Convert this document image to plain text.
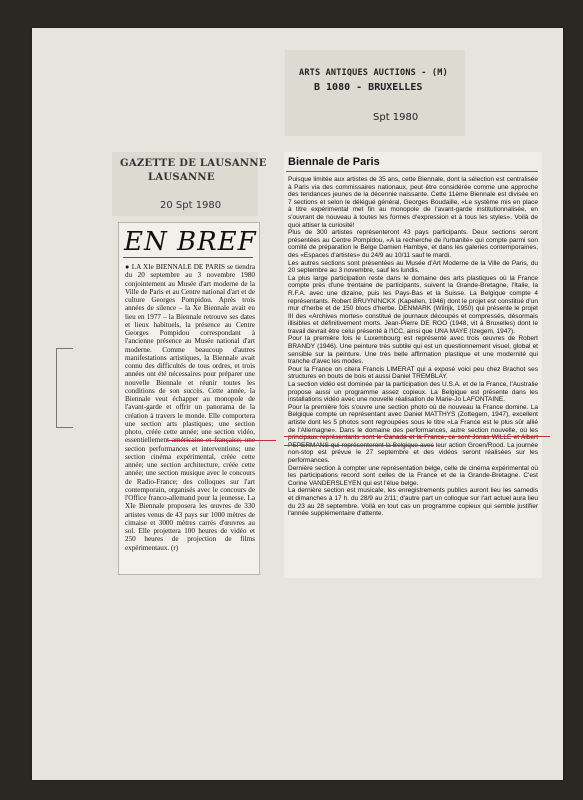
ARTS ANTIQUES AUCTIONS - (M)
B 1080 - BRUXELLES
Spt 1980
GAZETTE DE LAUSANNE
LAUSANNE
20 Spt 1980
EN BREF
● LA XIe BIENNALE DE PARIS se tiendra du 20 septembre au 3 novembre 1980 conjointement au Musée d'art moderne de la Ville de Paris et au Centre national d'art et de culture Georges Pompidou. Après trois années de silence – la Xe Biennale avait eu lieu en 1977 – la Biennale retrouve ses dates et lieux habituels, la présence au Centre Georges Pompidou correspondant à l'ancienne présence au Musée national d'art moderne. Comme beaucoup d'autres manifestations artistiques, la Biennale avait connu des difficultés de tous ordres, et trois années ont été nécessaires pour préparer une nouvelle Biennale et réunir toutes les conditions de son succès. Cette année, la Biennale veut échapper au monopole de l'avant-garde et offrir un panorama de la création à travers le monde. Elle comportera une section arts plastiques; une section photo, créée cette année; une section vidéo, essentiellement américaine et française; une section performances et interventions; une section cinéma expérimental, créée cette année; une section architecture, créée cette année; une section musique avec le concours de Radio-France; des colloques sur l'art contemporain, organisés avec le concours de l'Office franco-allemand pour la jeunesse. La XIe Biennale proposera les œuvres de 330 artistes venus de 43 pays sur 1000 mètres de cimaise et 3000 mètres carrés d'œuvres au sol. Elle projettera 100 heures de vidéo et 250 heures de projection de films expérimentaux. (r)
Biennale de Paris

Puisque limitée aux artistes de 35 ans, cette Biennale, dont la sélection est centralisée à Paris via des commissaires nationaux, peut être considérée comme une approche des tendances jeunes de la décennie naissante. Cette 11ème Biennale est divisée en 7 sections et selon le délégué général, Georges Boudaille, «Le système mis en place à titre expérimental met fin au monopole de l'avant-garde institutionnalisée, en s'ouvrant de nouveau à toutes les formes d'expression et à tous les styles». Voilà de quoi attiser la curiosité!

Plus de 300 artistes représenteront 43 pays participants. Deux sections seront présentées au Centre Pompidou, «A la recherche de l'urbanité» qui compte parmi son comité de préparation le Belge Damien Hambye, et dans les galeries contemporaines, des «Espaces d'artistes» du 24/9 au 10/11 sauf le mardi.

Les autres sections sont présentées au Musée d'Art Moderne de la Ville de Paris, du 20 septembre au 3 novembre, sauf les lundis.

La plus large participation reste dans le domaine des arts plastiques où la France compte près d'une trentaine de participants, suivent la Grande-Bretagne, l'Italie, la R.F.A. avec une dizaine, puis les Pays-Bas et la Suisse. La Belgique compte 4 représentants. Robert BRUYNINCKX (Kapellen, 1946) dont le projet est constitué d'un mur d'herbe et de 150 blocs d'herbe. DENMARK (Wilrijk, 1950) qui présente le projet III des «Archives mortes» constitué de journaux découpés et compressés, désormais illisibles et définitivement morts. Jean-Pierre DE ROO (1948, vit à Bruxelles) dont le travail devrait être celui présenté à l'ICC, ainsi que UNA MAYE (Izegem, 1947).

Pour la première fois le Luxembourg est représenté avec trois œuvres de Robert BRANDY (1946). Une peinture très subtile qui est un questionnement visuel, global et sensible sur la peinture. Une très belle affirmation plastique et une modernité qui tranche d'avec les modes.

Pour la France on citera Francis LIMERAT qui a exposé voici peu chez Brachot ses structures en bouts de bois et aussi Daniel TREMBLAY.

La section vidéo est dominée par la participation des U.S.A. et de la France, l'Australie propose aussi un programme assez copieux. La Belgique est présente dans les installations vidéo avec une nouvelle réalisation de Marie-Jo LAFONTAINE.

Pour la première fois s'ouvre une section photo où de nouveau la France domine. La Belgique compte un représentant avec Daniel MATTHYS (Zottegem, 1947), excellent artiste dont les 5 photos sont regroupées sous le titre «La France est le plus sûr allié de l'Allemagne». Dans le domaine des performances, autre section nouvelle, où les principaux représentants sont le Canada et la France, ce sont Jonas WILLE et Albert PEPERMANS qui représenteront la Belgique avec leur action Groen/Rood. La journée non-stop est prévue le 27 septembre et des vidéos seront réalisées sur les performances.

Dernière section à compter une représentation belge, celle de cinéma expérimental où les participations record sont celles de la France et de la Grande-Bretagne. C'est Corine VANDERSLEYEN qui est l'élue belge.

La dernière section est musicale, les enregistrements publics auront lieu les samedis et dimanches à 17 h. du 28/9 au 2/11; d'autre part un colloque sur l'art actuel aura lieu du 23 au 28 septembre. Voilà en tout cas un programme copieux qui semble justifier l'année supplémentaire d'attente.
